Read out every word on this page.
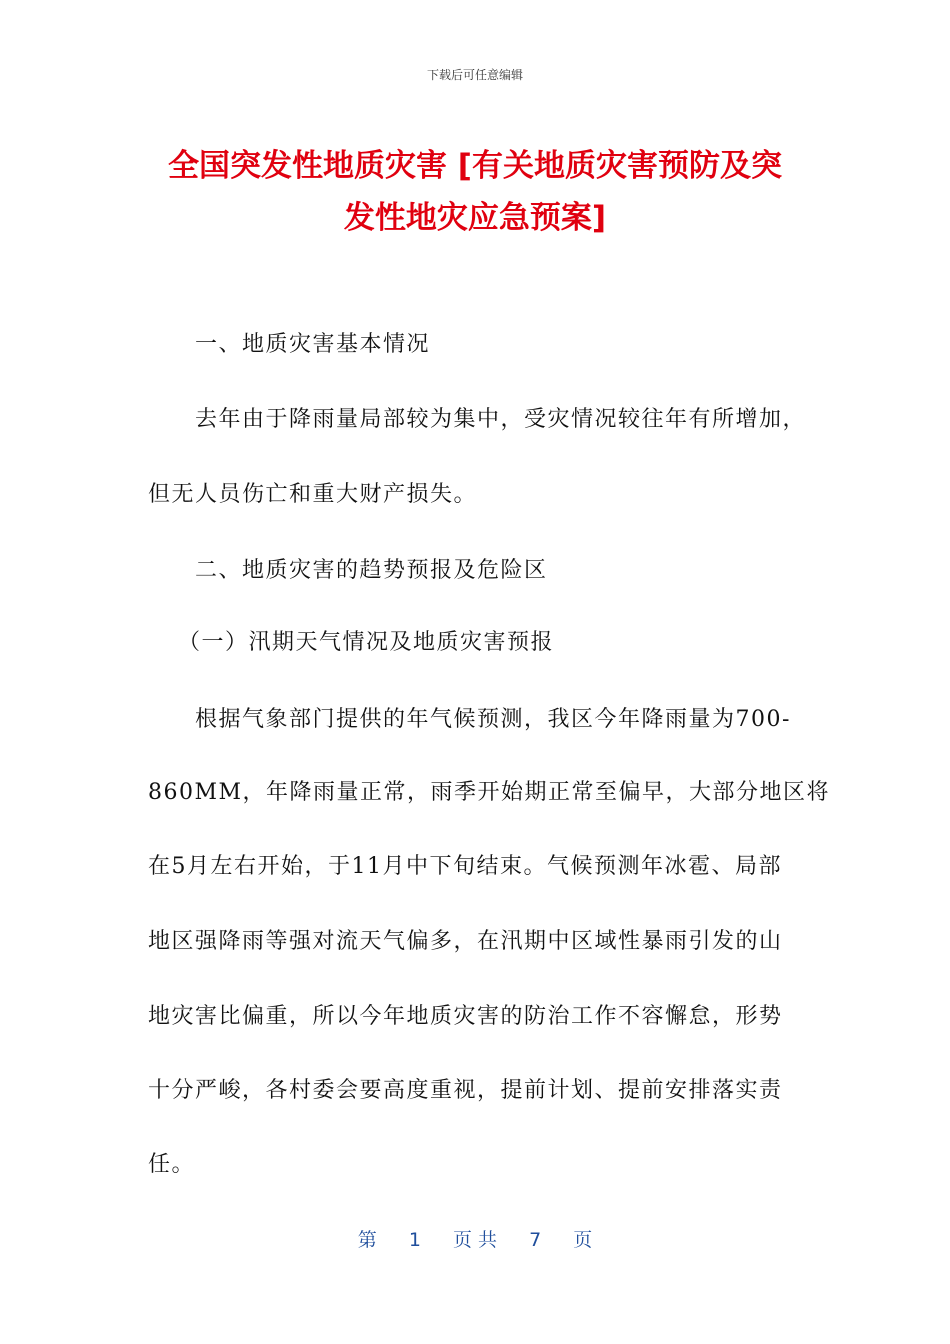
下载后可任意编辑
全国突发性地质灾害 [有关地质灾害预防及突
发性地灾应急预案]
一、地质灾害基本情况
去年由于降雨量局部较为集中，受灾情况较往年有所增加，
但无人员伤亡和重大财产损失。
二、地质灾害的趋势预报及危险区
（一）汛期天气情况及地质灾害预报
根据气象部门提供的年气候预测，我区今年降雨量为700-
860MM，年降雨量正常，雨季开始期正常至偏早，大部分地区将
在5月左右开始，于11月中下旬结束。气候预测年冰雹、局部
地区强降雨等强对流天气偏多，在汛期中区域性暴雨引发的山
地灾害比偏重，所以今年地质灾害的防治工作不容懈怠，形势
十分严峻，各村委会要高度重视，提前计划、提前安排落实责
任。
第 1 页 共 7 页
